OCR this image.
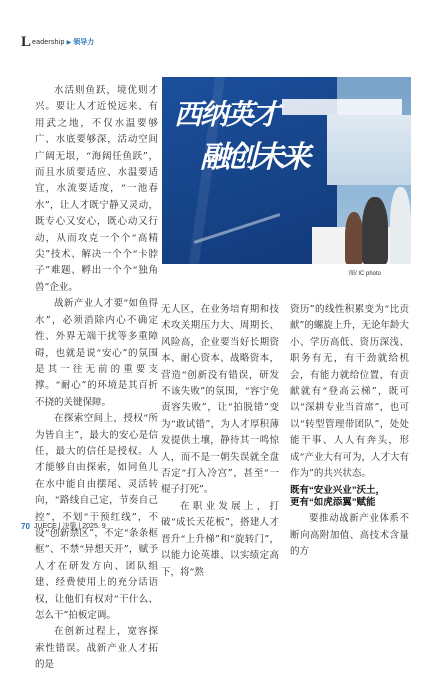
L eadership ▶ 领导力

水活则鱼跃，境优则才兴。要让人才近悦远来、有用武之地，不仅水温要够广、水底要够深，活动空间广阔无垠，“海阔任鱼跃”，而且水质要适应、水温要适宜，水流要适度，“一池春水”，让人才既宁静又灵动，既专心又安心，既心动又行动，从而攻克一个个“高精尖”技术、解决一个个“卡脖子”难题、孵出一个个“独角兽”企业。

战新产业人才要“如鱼得水”，必须消除内心不确定性、外界无端干扰等多重障碍，也就是说“安心”的氛围是其一往无前的重要支撑。“耐心”的环境是其百折不挠的关键保障。

在探索空间上，授权“所为皆自主”，最大的安心是信任，最大的信任是授权。人才能够自由探索，如同鱼儿在水中能自由摆尾、灵活转向，“路线自己定，节奏自己控”，不划“干预红线”，不设“创新禁区”，不定“条条框框”、不禁“异想天开”，赋予人才在研发方向、团队组建、经费使用上的充分话语权，让他们有权对“干什么、怎么干”拍板定调。

在创新过程上，宽容探索性错误。战新产业人才拓的是

西纳英才
融创未来
图/ IC photo

无人区，在业务培育期和技术攻关期压力大、周期长、风险高，企业要当好长期资本、耐心资本、战略资本，营造“创新没有错误，研发不该失败”的氛围，“容宁免责容失败”，让“拍脱错”变为“敢试错”，为人才厚积薄发提供土壤，静待其一鸣惊人，而不是一朝失误就全盘否定“打入冷宫”，甚至“一棍子打死”。

在职业发展上，打破“成长天花板”，搭建人才晋升“上升梯”和“旋转门”，以能力论英雄、以实绩定高下，将“熬

资历”的线性积累变为“比贡献”的螺旋上升，无论年龄大小、学历高低、资历深浅、职务有无，有干劲就给机会，有能力就给位置，有贡献就有“登高云梯”，既可以“深耕专业当首席”，也可以“转型管理带团队”，处处能干事、人人有奔头，形成“产业大有可为，人才大有作为”的共兴状态。

既有“安业兴业”沃土，
更有“如虎添翼”赋能

要推动战新产业体系不断向高附加值、高技术含量的方

70 JUECE | 决策 | 2025. 9
